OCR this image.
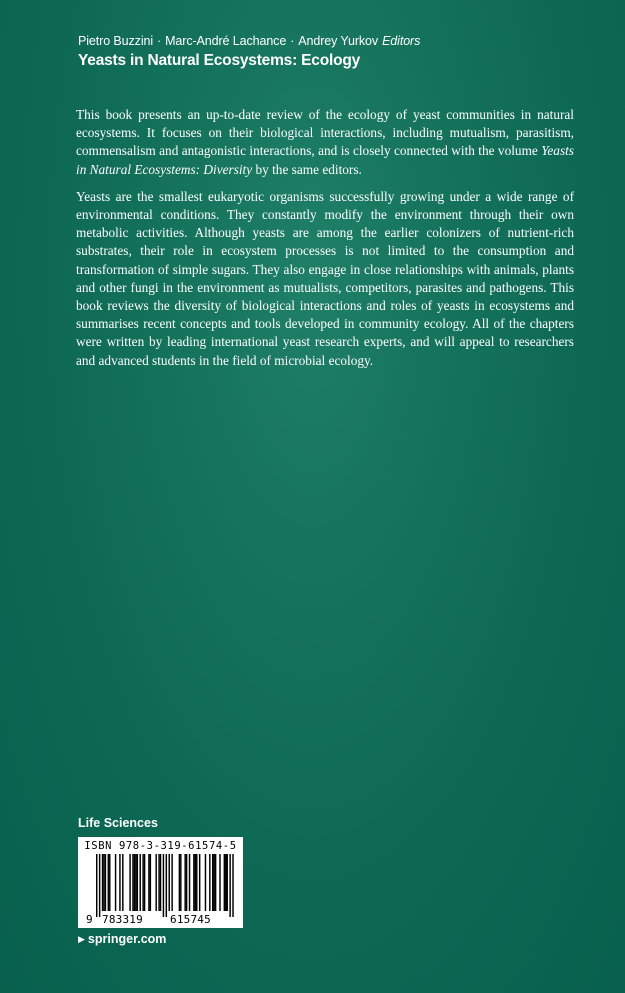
Pietro Buzzini · Marc-André Lachance · Andrey Yurkov Editors
Yeasts in Natural Ecosystems: Ecology

This book presents an up-to-date review of the ecology of yeast communities in natural ecosystems. It focuses on their biological interactions, including mutualism, parasitism, commensalism and antagonistic interactions, and is closely connected with the volume Yeasts in Natural Ecosystems: Diversity by the same editors.

Yeasts are the smallest eukaryotic organisms successfully growing under a wide range of environmental conditions. They constantly modify the environment through their own metabolic activities. Although yeasts are among the earlier colonizers of nutrient-rich substrates, their role in ecosystem processes is not limited to the consumption and transformation of simple sugars. They also engage in close relationships with animals, plants and other fungi in the environment as mutualists, competitors, parasites and pathogens. This book reviews the diversity of biological interactions and roles of yeasts in ecosystems and summarises recent concepts and tools developed in community ecology. All of the chapters were written by leading international yeast research experts, and will appeal to researchers and advanced students in the field of microbial ecology.

Life Sciences
ISBN 978-3-319-61574-5
9 783319 615745
▶ springer.com
